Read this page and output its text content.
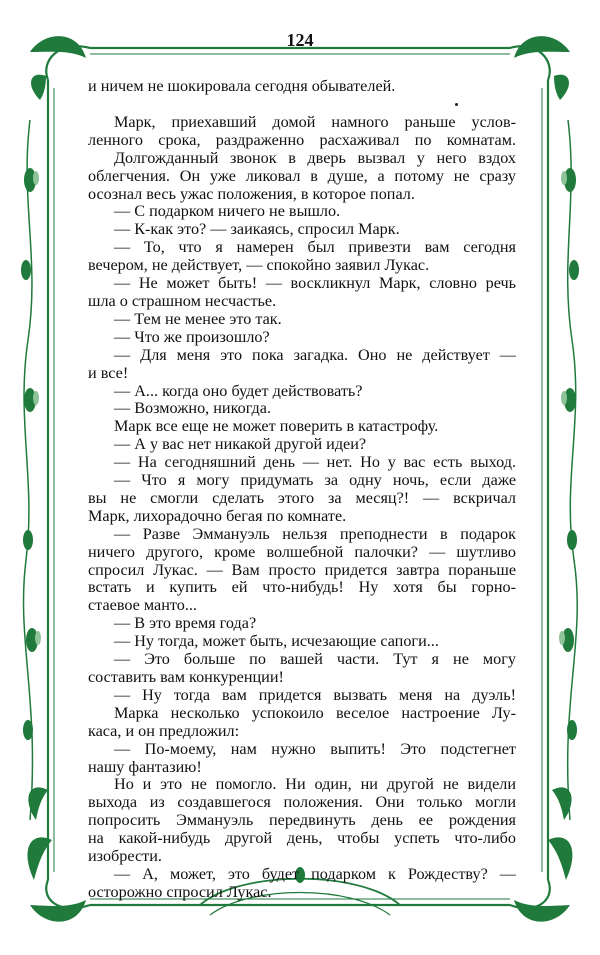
124

и ничем не шокировала сегодня обывателей.

Марк, приехавший домой намного раньше услов-

ленного срока, раздраженно расхаживал по комнатам.

Долгожданный звонок в дверь вызвал у него вздох

облегчения. Он уже ликовал в душе, а потому не сразу

осознал весь ужас положения, в которое попал.

— С подарком ничего не вышло.

— К-как это? — заикаясь, спросил Марк.

— То, что я намерен был привезти вам сегодня

вечером, не действует, — спокойно заявил Лукас.

— Не может быть! — воскликнул Марк, словно речь

шла о страшном несчастье.

— Тем не менее это так.

— Что же произошло?

— Для меня это пока загадка. Оно не действует —

и все!

— А... когда оно будет действовать?

— Возможно, никогда.

Марк все еще не может поверить в катастрофу.

— А у вас нет никакой другой идеи?

— На сегодняшний день — нет. Но у вас есть выход.

— Что я могу придумать за одну ночь, если даже

вы не смогли сделать этого за месяц?! — вскричал

Марк, лихорадочно бегая по комнате.

— Разве Эммануэль нельзя преподнести в подарок

ничего другого, кроме волшебной палочки? — шутливо

спросил Лукас. — Вам просто придется завтра пораньше

встать и купить ей что-нибудь! Ну хотя бы горно-

стаевое манто...

— В это время года?

— Ну тогда, может быть, исчезающие сапоги...

— Это больше по вашей части. Тут я не могу

составить вам конкуренции!

— Ну тогда вам придется вызвать меня на дуэль!

Марка несколько успокоило веселое настроение Лу-

каса, и он предложил:

— По-моему, нам нужно выпить! Это подстегнет

нашу фантазию!

Но и это не помогло. Ни один, ни другой не видели

выхода из создавшегося положения. Они только могли

попросить Эммануэль передвинуть день ее рождения

на какой-нибудь другой день, чтобы успеть что-либо

изобрести.

— А, может, это будет подарком к Рождеству? —

осторожно спросил Лукас.
